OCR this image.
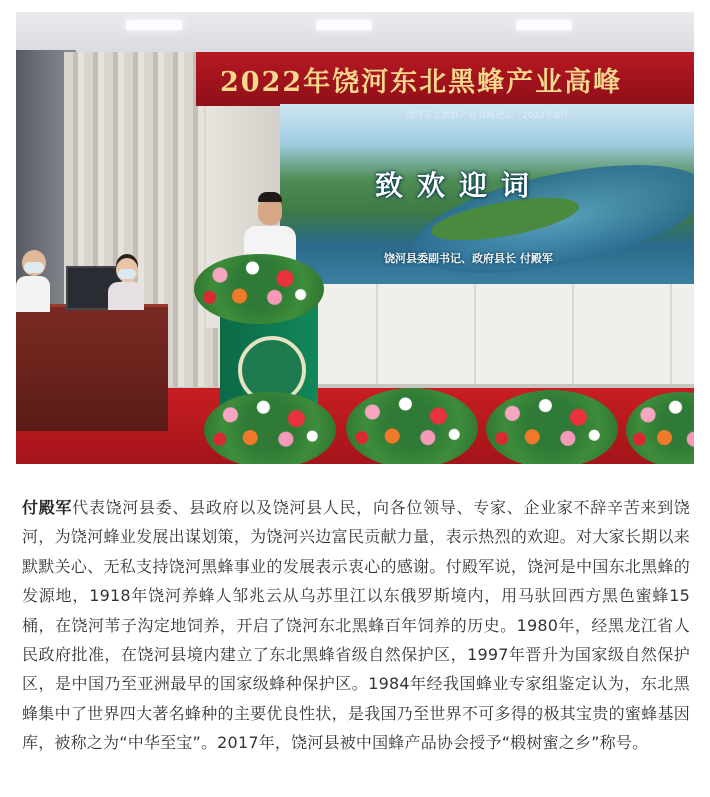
2022年饶河东北黑蜂产业高峰
饶河东北黑蜂产业高峰论坛 · 2022年8月
致欢迎词
饶河县委副书记、政府县长 付殿军
付殿军代表饶河县委、县政府以及饶河县人民，向各位领导、专家、企业家不辞辛苦来到饶河，为饶河蜂业发展出谋划策，为饶河兴边富民贡献力量，表示热烈的欢迎。对大家长期以来默默关心、无私支持饶河黑蜂事业的发展表示衷心的感谢。付殿军说，饶河是中国东北黑蜂的发源地，1918年饶河养蜂人邹兆云从乌苏里江以东俄罗斯境内，用马驮回西方黑色蜜蜂15桶，在饶河苇子沟定地饲养，开启了饶河东北黑蜂百年饲养的历史。1980年，经黑龙江省人民政府批准，在饶河县境内建立了东北黑蜂省级自然保护区，1997年晋升为国家级自然保护区，是中国乃至亚洲最早的国家级蜂种保护区。1984年经我国蜂业专家组鉴定认为，东北黑蜂集中了世界四大著名蜂种的主要优良性状，是我国乃至世界不可多得的极其宝贵的蜜蜂基因库，被称之为“中华至宝”。2017年，饶河县被中国蜂产品协会授予“椴树蜜之乡”称号。
